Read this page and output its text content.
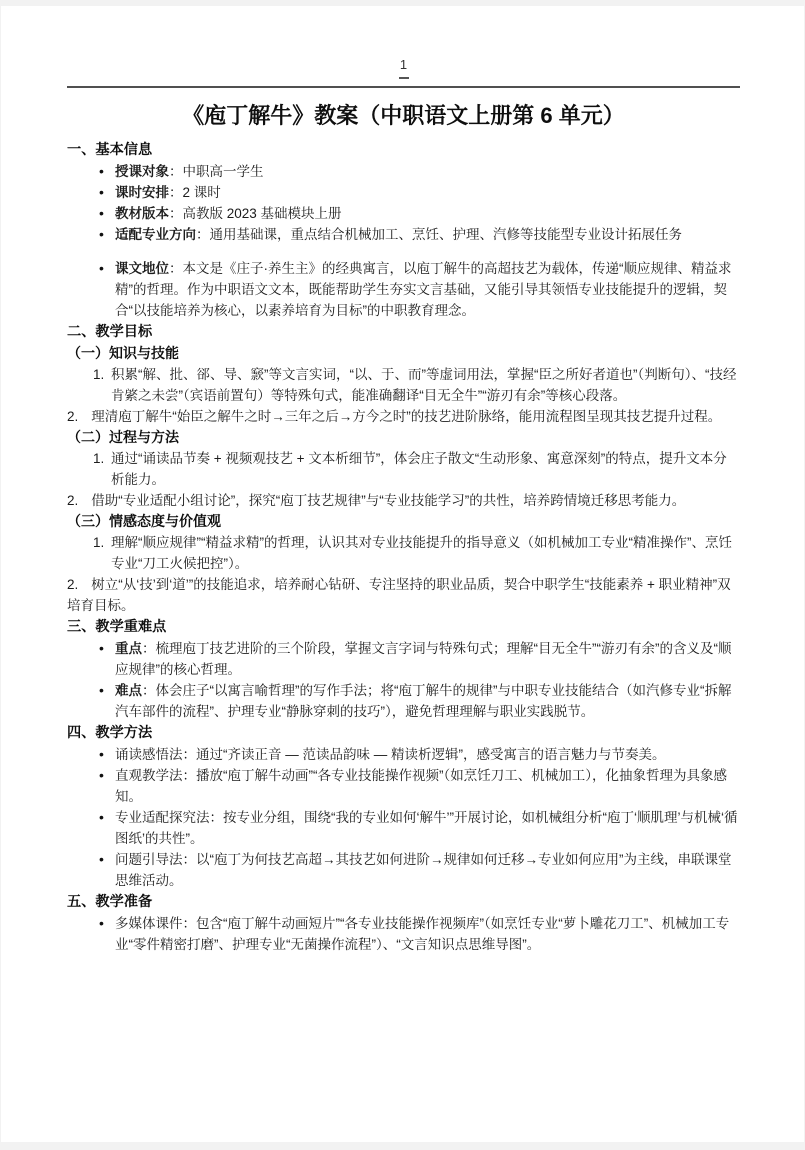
1
《庖丁解牛》教案（中职语文上册第 6 单元）
一、基本信息
• 授课对象：中职高一学生
• 课时安排：2 课时
• 教材版本：高教版 2023 基础模块上册
• 适配专业方向：通用基础课，重点结合机械加工、烹饪、护理、汽修等技能型专业设计拓展任务
• 课文地位：本文是《庄子·养生主》的经典寓言，以庖丁解牛的高超技艺为载体，传递“顺应规律、精益求精”的哲理。作为中职语文文本，既能帮助学生夯实文言基础，又能引导其领悟专业技能提升的逻辑，契合“以技能培养为核心，以素养培育为目标”的中职教育理念。
二、教学目标
（一）知识与技能
1. 积累“解、批、郤、导、窾”等文言实词，“以、于、而”等虚词用法，掌握“臣之所好者道也”（判断句）、“技经肯綮之未尝”（宾语前置句）等特殊句式，能准确翻译“目无全牛”“游刃有余”等核心段落。

2. 理清庖丁解牛“始臣之解牛之时→三年之后→方今之时”的技艺进阶脉络，能用流程图呈现其技艺提升过程。

（二）过程与方法
1. 通过“诵读品节奏 + 视频观技艺 + 文本析细节”，体会庄子散文“生动形象、寓意深刻”的特点，提升文本分析能力。

2. 借助“专业适配小组讨论”，探究“庖丁技艺规律”与“专业技能学习”的共性，培养跨情境迁移思考能力。

（三）情感态度与价值观
1. 理解“顺应规律”“精益求精”的哲理，认识其对专业技能提升的指导意义（如机械加工专业“精准操作”、烹饪专业“刀工火候把控”）。

2. 树立“从‘技’到‘道’”的技能追求，培养耐心钻研、专注坚持的职业品质，契合中职学生“技能素养 + 职业精神”双培育目标。

三、教学重难点
• 重点：梳理庖丁技艺进阶的三个阶段，掌握文言字词与特殊句式；理解“目无全牛”“游刃有余”的含义及“顺应规律”的核心哲理。
• 难点：体会庄子“以寓言喻哲理”的写作手法；将“庖丁解牛的规律”与中职专业技能结合（如汽修专业“拆解汽车部件的流程”、护理专业“静脉穿刺的技巧”），避免哲理理解与职业实践脱节。
四、教学方法
• 诵读感悟法：通过“齐读正音 — 范读品韵味 — 精读析逻辑”，感受寓言的语言魅力与节奏美。
• 直观教学法：播放“庖丁解牛动画”“各专业技能操作视频”（如烹饪刀工、机械加工），化抽象哲理为具象感知。
• 专业适配探究法：按专业分组，围绕“我的专业如何‘解牛’”开展讨论，如机械组分析“庖丁‘顺肌理’与机械‘循图纸’的共性”。
• 问题引导法：以“庖丁为何技艺高超→其技艺如何进阶→规律如何迁移→专业如何应用”为主线，串联课堂思维活动。
五、教学准备
• 多媒体课件：包含“庖丁解牛动画短片”“各专业技能操作视频库”（如烹饪专业“萝卜雕花刀工”、机械加工专业“零件精密打磨”、护理专业“无菌操作流程”）、“文言知识点思维导图”。
